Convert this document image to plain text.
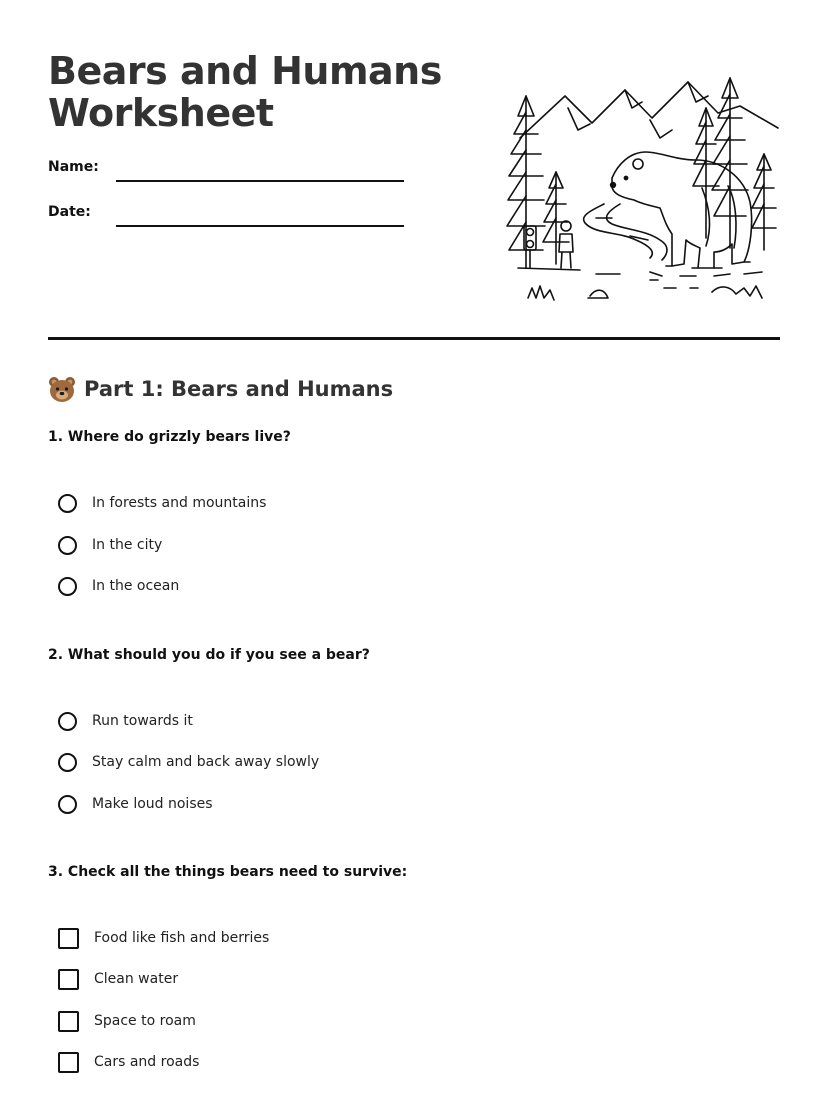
Bears and Humans
Worksheet
Name:
Date:
Part 1: Bears and Humans

1. Where do grizzly bears live?

In forests and mountains
In the city
In the ocean

2. What should you do if you see a bear?

Run towards it
Stay calm and back away slowly
Make loud noises

3. Check all the things bears need to survive:

Food like fish and berries
Clean water
Space to roam
Cars and roads
